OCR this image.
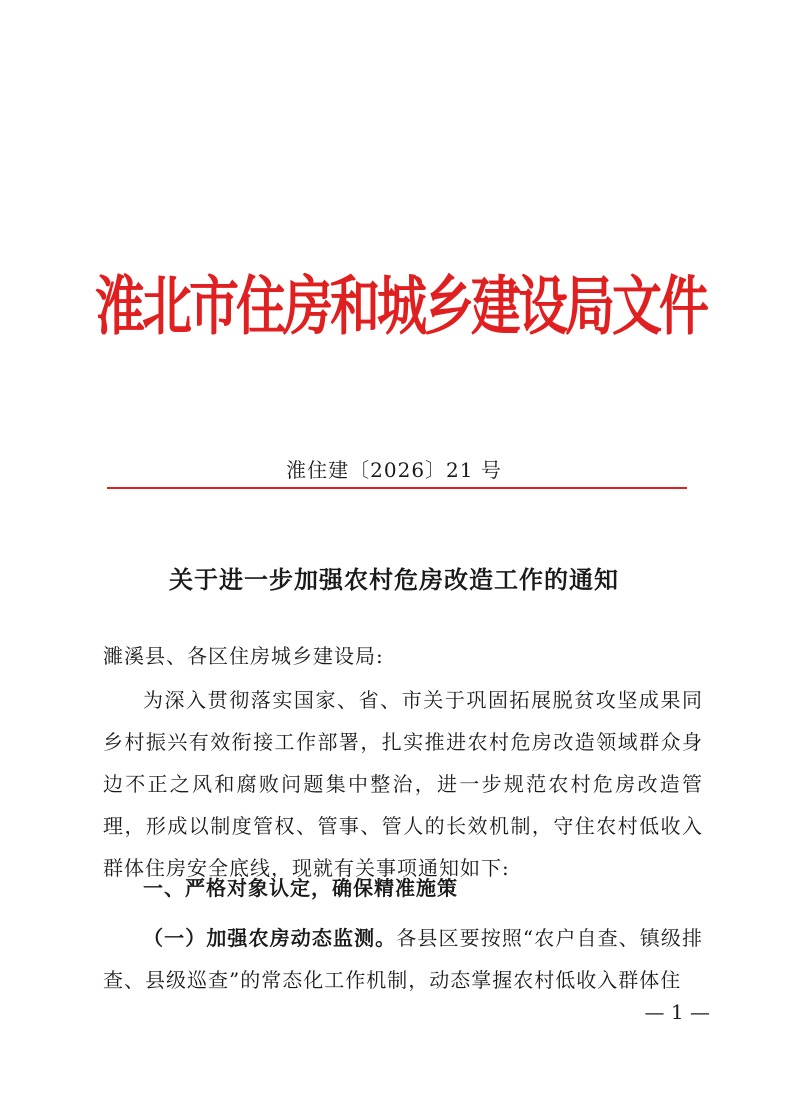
淮北市住房和城乡建设局文件
淮住建〔2026〕21 号
关于进一步加强农村危房改造工作的通知
濉溪县、各区住房城乡建设局:
为深入贯彻落实国家、省、市关于巩固拓展脱贫攻坚成果同乡村振兴有效衔接工作部署，扎实推进农村危房改造领域群众身边不正之风和腐败问题集中整治，进一步规范农村危房改造管理，形成以制度管权、管事、管人的长效机制，守住农村低收入群体住房安全底线，现就有关事项通知如下:
一、严格对象认定，确保精准施策
（一）加强农房动态监测。各县区要按照“农户自查、镇级排查、县级巡查”的常态化工作机制，动态掌握农村低收入群体住
— 1 —
